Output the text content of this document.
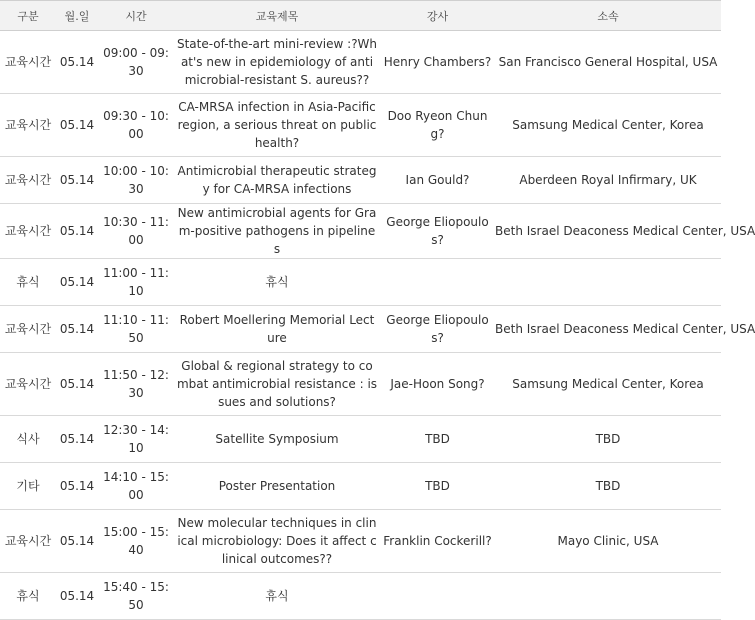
구분	월.일	시간	교육제목	강사	소속
교육시간	05.14	09:00 - 09:30	State-of-the-art mini-review :?What's new in epidemiology of antimicrobial-resistant S. aureus??	Henry Chambers?	San Francisco General Hospital, USA
교육시간	05.14	09:30 - 10:00	CA-MRSA infection in Asia-Pacific region, a serious threat on public health?	Doo Ryeon Chung?	Samsung Medical Center, Korea
교육시간	05.14	10:00 - 10:30	Antimicrobial therapeutic strategy for CA-MRSA infections	Ian Gould?	Aberdeen Royal Infirmary, UK
교육시간	05.14	10:30 - 11:00	New antimicrobial agents for Gram-positive pathogens in pipelines	George Eliopoulos?	Beth Israel Deaconess Medical Center, USA
휴식	05.14	11:00 - 11:10	휴식		
교육시간	05.14	11:10 - 11:50	Robert Moellering Memorial Lecture	George Eliopoulos?	Beth Israel Deaconess Medical Center, USA
교육시간	05.14	11:50 - 12:30	Global & regional strategy to combat antimicrobial resistance : issues and solutions?	Jae-Hoon Song?	Samsung Medical Center, Korea
식사	05.14	12:30 - 14:10	Satellite Symposium	TBD	TBD
기타	05.14	14:10 - 15:00	Poster Presentation	TBD	TBD
교육시간	05.14	15:00 - 15:40	New molecular techniques in clinical microbiology: Does it affect clinical outcomes??	Franklin Cockerill?	Mayo Clinic, USA
휴식	05.14	15:40 - 15:50	휴식		
